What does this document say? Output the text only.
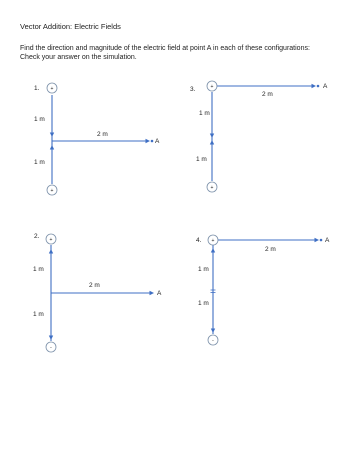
Vector Addition: Electric Fields
Find the direction and magnitude of the electric field at point A in each of these configurations:
Check your answer on the simulation.
1.
A
+
+
1 m
1 m
2 m
2.
A
+
-
1 m
1 m
2 m
3.	A
+
+
2 m
1 m
1 m
4.	A
+
-
2 m
1 m
1 m
